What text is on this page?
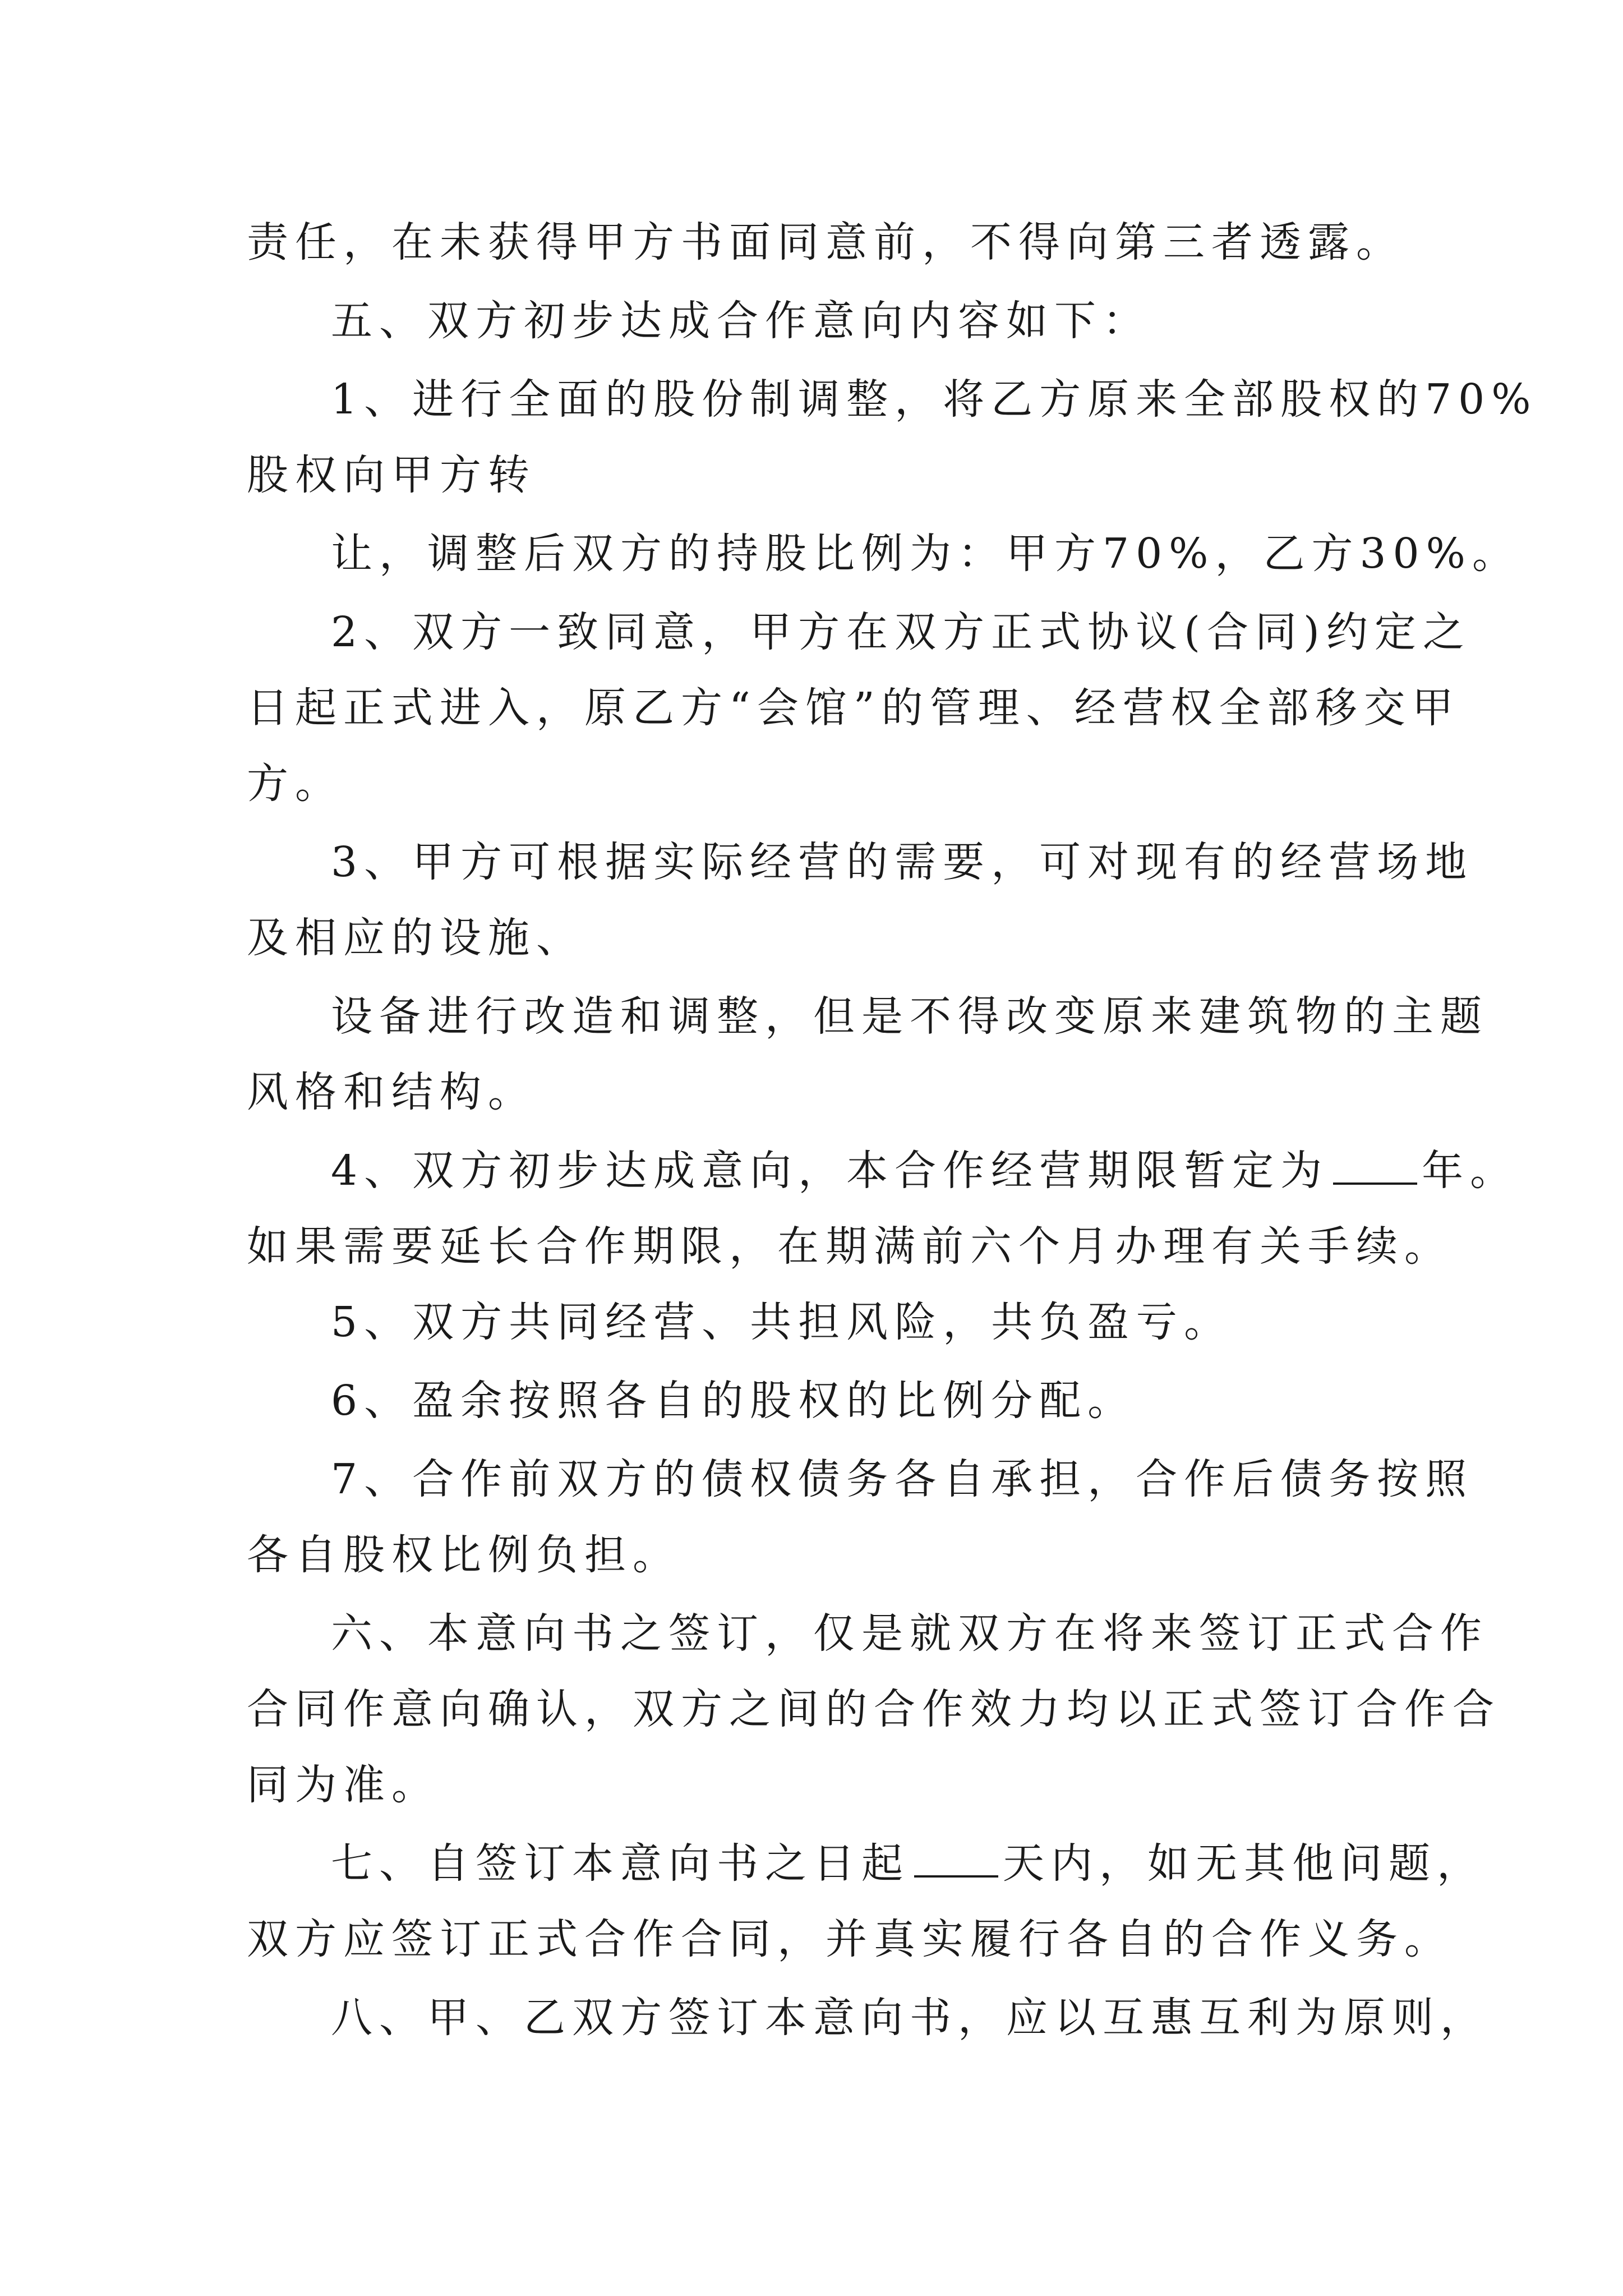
责任，在未获得甲方书面同意前，不得向第三者透露。
五、双方初步达成合作意向内容如下：
1、进行全面的股份制调整，将乙方原来全部股权的70%
股权向甲方转
让，调整后双方的持股比例为：甲方70%，乙方30%。
2、双方一致同意，甲方在双方正式协议(合同)约定之
日起正式进入，原乙方“会馆”的管理、经营权全部移交甲
方。
3、甲方可根据实际经营的需要，可对现有的经营场地
及相应的设施、
设备进行改造和调整，但是不得改变原来建筑物的主题
风格和结构。
4、双方初步达成意向，本合作经营期限暂定为 年。
如果需要延长合作期限，在期满前六个月办理有关手续。
5、双方共同经营、共担风险，共负盈亏。
6、盈余按照各自的股权的比例分配。
7、合作前双方的债权债务各自承担，合作后债务按照
各自股权比例负担。
六、本意向书之签订，仅是就双方在将来签订正式合作
合同作意向确认，双方之间的合作效力均以正式签订合作合
同为准。
七、自签订本意向书之日起 天内，如无其他问题，
双方应签订正式合作合同，并真实履行各自的合作义务。
八、甲、乙双方签订本意向书，应以互惠互利为原则，
